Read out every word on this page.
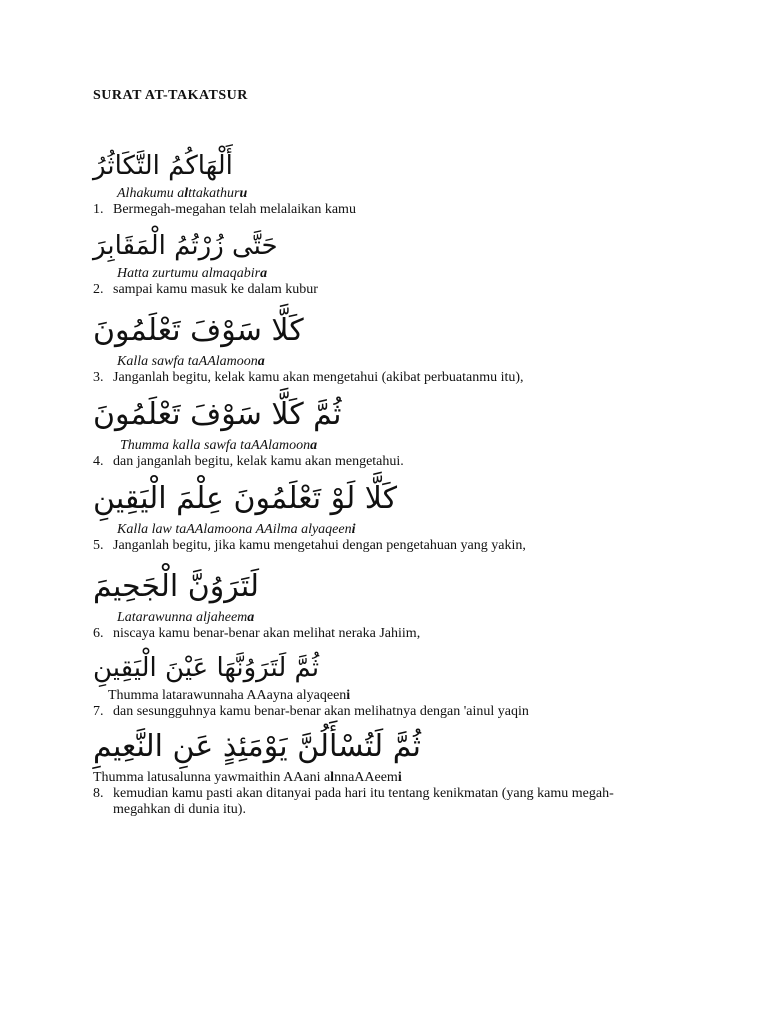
SURAT AT-TAKATSUR
أَلْهَاكُمُ التَّكَاثُرُ
Alhakumu alttakathuru
1. Bermegah-megahan telah melalaikan kamu
حَتَّى زُرْتُمُ الْمَقَابِرَ
Hatta zurtumu almaqabira
2. sampai kamu masuk ke dalam kubur
كَلَّا سَوْفَ تَعْلَمُونَ
Kalla sawfa taAAlamoona
3. Janganlah begitu, kelak kamu akan mengetahui (akibat perbuatanmu itu),
ثُمَّ كَلَّا سَوْفَ تَعْلَمُونَ
Thumma kalla sawfa taAAlamoona
4. dan janganlah begitu, kelak kamu akan mengetahui.
كَلَّا لَوْ تَعْلَمُونَ عِلْمَ الْيَقِينِ
Kalla law taAAlamoona AAilma alyaqeeni
5. Janganlah begitu, jika kamu mengetahui dengan pengetahuan yang yakin,
لَتَرَوُنَّ الْجَحِيمَ
Latarawunna aljaheema
6. niscaya kamu benar-benar akan melihat neraka Jahiim,
ثُمَّ لَتَرَوُنَّهَا عَيْنَ الْيَقِينِ
Thumma latarawunnaha AAayna alyaqeeni
7. dan sesungguhnya kamu benar-benar akan melihatnya dengan 'ainul yaqin
ثُمَّ لَتُسْأَلُنَّ يَوْمَئِذٍ عَنِ النَّعِيمِ
Thumma latusalunna yawmaithin AAani alnnaAAeemi
8. kemudian kamu pasti akan ditanyai pada hari itu tentang kenikmatan (yang kamu megah-
megahkan di dunia itu).
